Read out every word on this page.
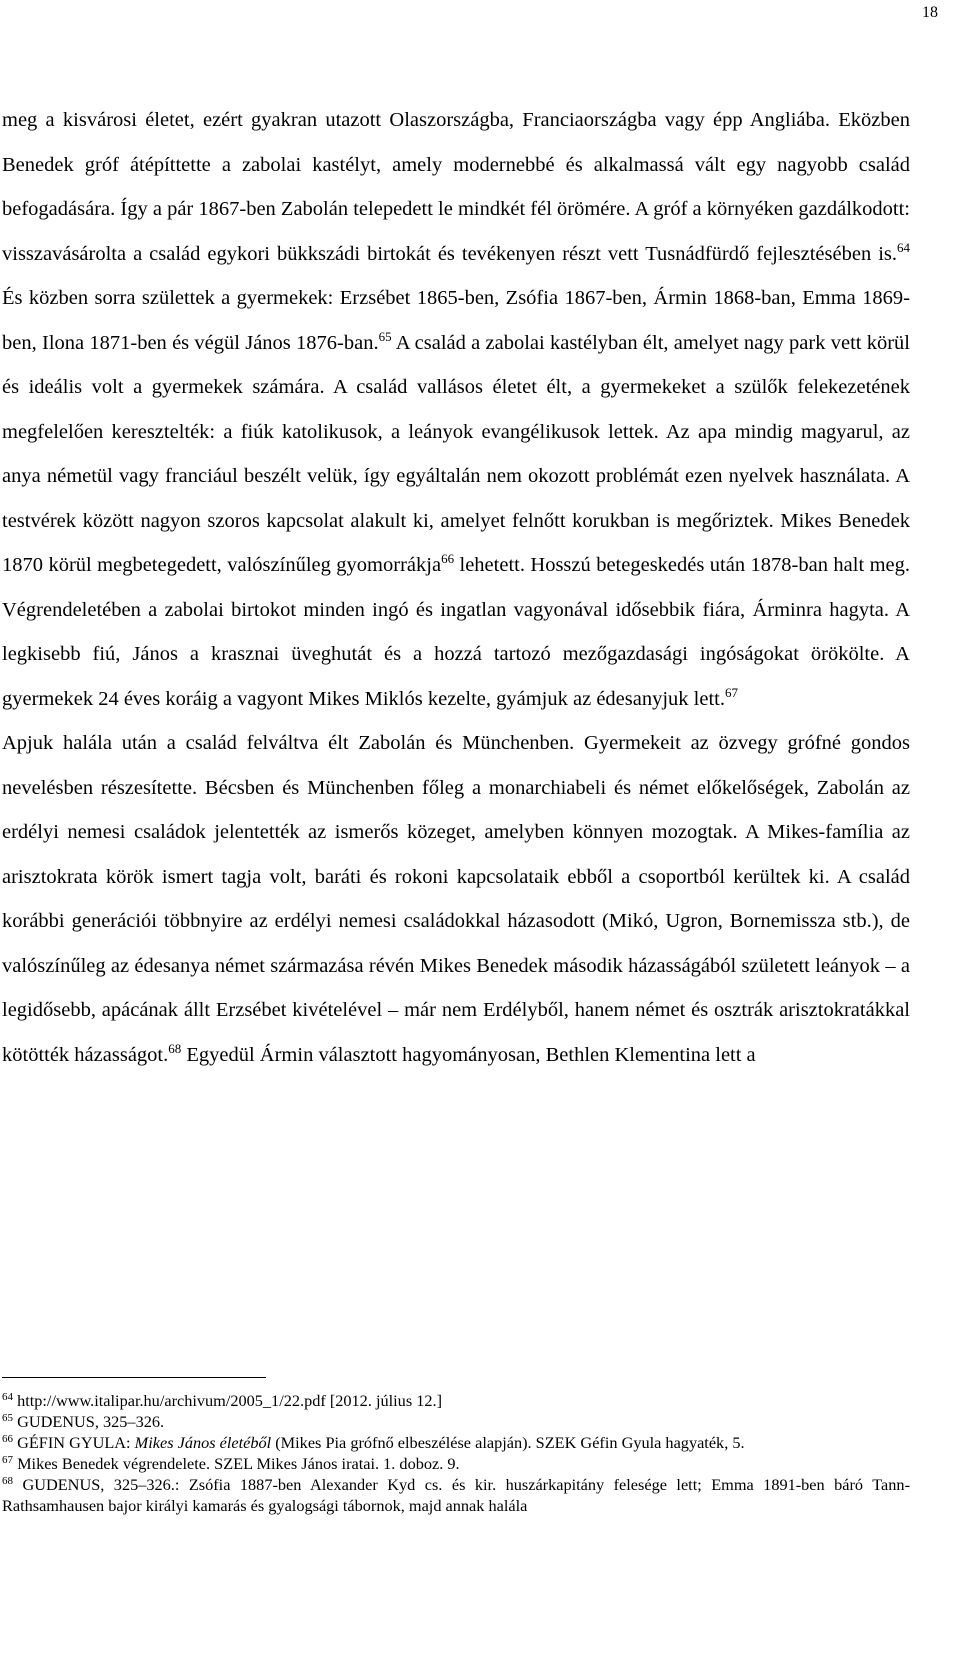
18

meg a kisvárosi életet, ezért gyakran utazott Olaszországba, Franciaországba vagy épp Angliába. Eközben Benedek gróf átépíttette a zabolai kastélyt, amely modernebbé és alkalmassá vált egy nagyobb család befogadására. Így a pár 1867-ben Zabolán telepedett le mindkét fél örömére. A gróf a környéken gazdálkodott: visszavásárolta a család egykori bükkszádi birtokát és tevékenyen részt vett Tusnádfürdő fejlesztésében is.$^{64}$ És közben sorra születtek a gyermekek: Erzsébet 1865-ben, Zsófia 1867-ben, Ármin 1868-ban, Emma 1869-ben, Ilona 1871-ben és végül János 1876-ban.$^{65}$ A család a zabolai kastélyban élt, amelyet nagy park vett körül és ideális volt a gyermekek számára. A család vallásos életet élt, a gyermekeket a szülők felekezetének megfelelően keresztelték: a fiúk katolikusok, a leányok evangélikusok lettek. Az apa mindig magyarul, az anya németül vagy franciául beszélt velük, így egyáltalán nem okozott problémát ezen nyelvek használata. A testvérek között nagyon szoros kapcsolat alakult ki, amelyet felnőtt korukban is megőriztek. Mikes Benedek 1870 körül megbetegedett, valószínűleg gyomorrákja$^{66}$ lehetett. Hosszú betegeskedés után 1878-ban halt meg. Végrendeletében a zabolai birtokot minden ingó és ingatlan vagyonával idősebbik fiára, Árminra hagyta. A legkisebb fiú, János a krasznai üveghutát és a hozzá tartozó mezőgazdasági ingóságokat örökölte. A gyermekek 24 éves koráig a vagyont Mikes Miklós kezelte, gyámjuk az édesanyjuk lett.$^{67}$

Apjuk halála után a család felváltva élt Zabolán és Münchenben. Gyermekeit az özvegy grófné gondos nevelésben részesítette. Bécsben és Münchenben főleg a monarchiabeli és német előkelőségek, Zabolán az erdélyi nemesi családok jelentették az ismerős közeget, amelyben könnyen mozogtak. A Mikes-família az arisztokrata körök ismert tagja volt, baráti és rokoni kapcsolataik ebből a csoportból kerültek ki. A család korábbi generációi többnyire az erdélyi nemesi családokkal házasodott (Mikó, Ugron, Bornemissza stb.), de valószínűleg az édesanya német származása révén Mikes Benedek második házasságából született leányok – a legidősebb, apácának állt Erzsébet kivételével – már nem Erdélyből, hanem német és osztrák arisztokratákkal kötötték házasságot.$^{68}$ Egyedül Ármin választott hagyományosan, Bethlen Klementina lett a

$^{64}$ http://www.italipar.hu/archivum/2005_1/22.pdf [2012. július 12.]

$^{65}$ GUDENUS, 325–326.

$^{66}$ GÉFIN GYULA: Mikes János életéből (Mikes Pia grófnő elbeszélése alapján). SZEK Géfin Gyula hagyaték, 5.

$^{67}$ Mikes Benedek végrendelete. SZEL Mikes János iratai. 1. doboz. 9.

$^{68}$ GUDENUS, 325–326.: Zsófia 1887-ben Alexander Kyd cs. és kir. huszárkapitány felesége lett; Emma 1891-ben báró Tann-Rathsamhausen bajor királyi kamarás és gyalogsági tábornok, majd annak halála
